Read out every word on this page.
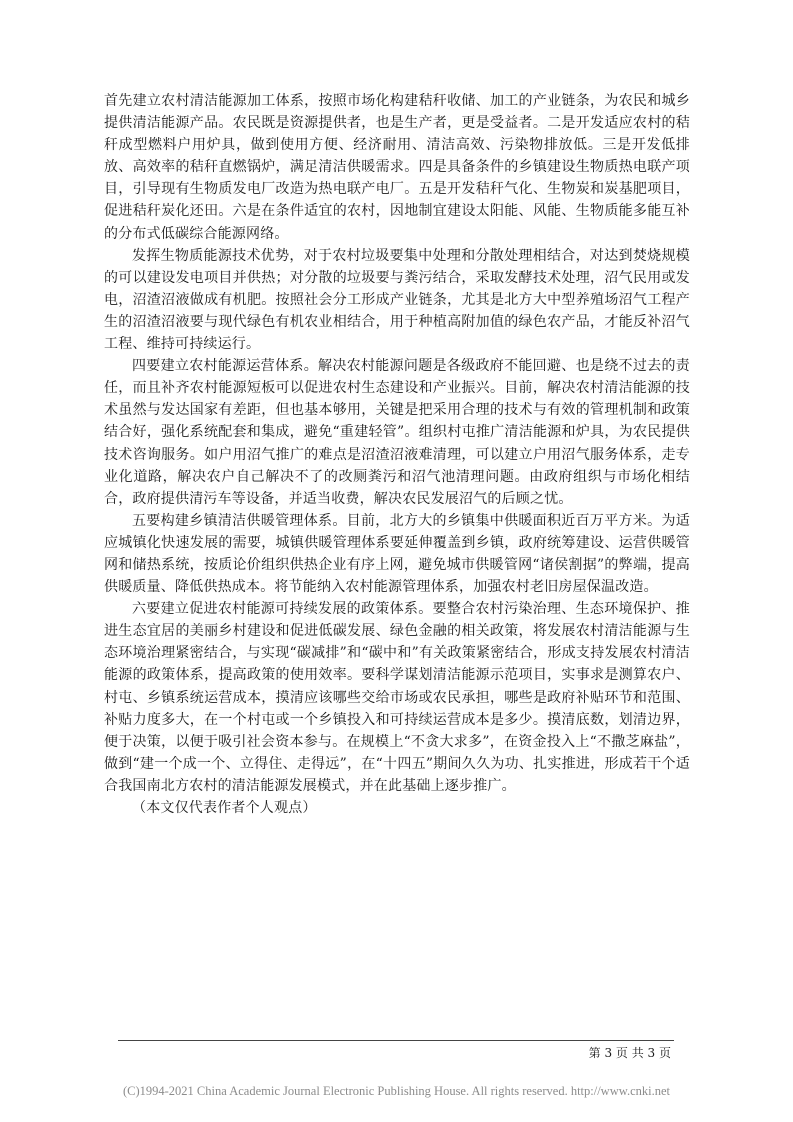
首先建立农村清洁能源加工体系，按照市场化构建秸秆收储、加工的产业链条，为农民和城乡提供清洁能源产品。农民既是资源提供者，也是生产者，更是受益者。二是开发适应农村的秸秆成型燃料户用炉具，做到使用方便、经济耐用、清洁高效、污染物排放低。三是开发低排放、高效率的秸秆直燃锅炉，满足清洁供暖需求。四是具备条件的乡镇建设生物质热电联产项目，引导现有生物质发电厂改造为热电联产电厂。五是开发秸秆气化、生物炭和炭基肥项目，促进秸秆炭化还田。六是在条件适宜的农村，因地制宜建设太阳能、风能、生物质能多能互补的分布式低碳综合能源网络。

发挥生物质能源技术优势，对于农村垃圾要集中处理和分散处理相结合，对达到焚烧规模的可以建设发电项目并供热；对分散的垃圾要与粪污结合，采取发酵技术处理，沼气民用或发电，沼渣沼液做成有机肥。按照社会分工形成产业链条，尤其是北方大中型养殖场沼气工程产生的沼渣沼液要与现代绿色有机农业相结合，用于种植高附加值的绿色农产品，才能反补沼气工程、维持可持续运行。

四要建立农村能源运营体系。解决农村能源问题是各级政府不能回避、也是绕不过去的责任，而且补齐农村能源短板可以促进农村生态建设和产业振兴。目前，解决农村清洁能源的技术虽然与发达国家有差距，但也基本够用，关键是把采用合理的技术与有效的管理机制和政策结合好，强化系统配套和集成，避免“重建轻管”。组织村屯推广清洁能源和炉具，为农民提供技术咨询服务。如户用沼气推广的难点是沼渣沼液难清理，可以建立户用沼气服务体系，走专业化道路，解决农户自己解决不了的改厕粪污和沼气池清理问题。由政府组织与市场化相结合，政府提供清污车等设备，并适当收费，解决农民发展沼气的后顾之忧。

五要构建乡镇清洁供暖管理体系。目前，北方大的乡镇集中供暖面积近百万平方米。为适应城镇化快速发展的需要，城镇供暖管理体系要延伸覆盖到乡镇，政府统筹建设、运营供暖管网和储热系统，按质论价组织供热企业有序上网，避免城市供暖管网“诸侯割据”的弊端，提高供暖质量、降低供热成本。将节能纳入农村能源管理体系，加强农村老旧房屋保温改造。

六要建立促进农村能源可持续发展的政策体系。要整合农村污染治理、生态环境保护、推进生态宜居的美丽乡村建设和促进低碳发展、绿色金融的相关政策，将发展农村清洁能源与生态环境治理紧密结合，与实现“碳减排”和“碳中和”有关政策紧密结合，形成支持发展农村清洁能源的政策体系，提高政策的使用效率。要科学谋划清洁能源示范项目，实事求是测算农户、村屯、乡镇系统运营成本，摸清应该哪些交给市场或农民承担，哪些是政府补贴环节和范围、补贴力度多大，在一个村屯或一个乡镇投入和可持续运营成本是多少。摸清底数，划清边界，便于决策，以便于吸引社会资本参与。在规模上“不贪大求多”，在资金投入上“不撒芝麻盐”，做到“建一个成一个、立得住、走得远”，在“十四五”期间久久为功、扎实推进，形成若干个适合我国南北方农村的清洁能源发展模式，并在此基础上逐步推广。

（本文仅代表作者个人观点）

第 3 页 共 3 页
(C)1994-2021 China Academic Journal Electronic Publishing House. All rights reserved. http://www.cnki.net
